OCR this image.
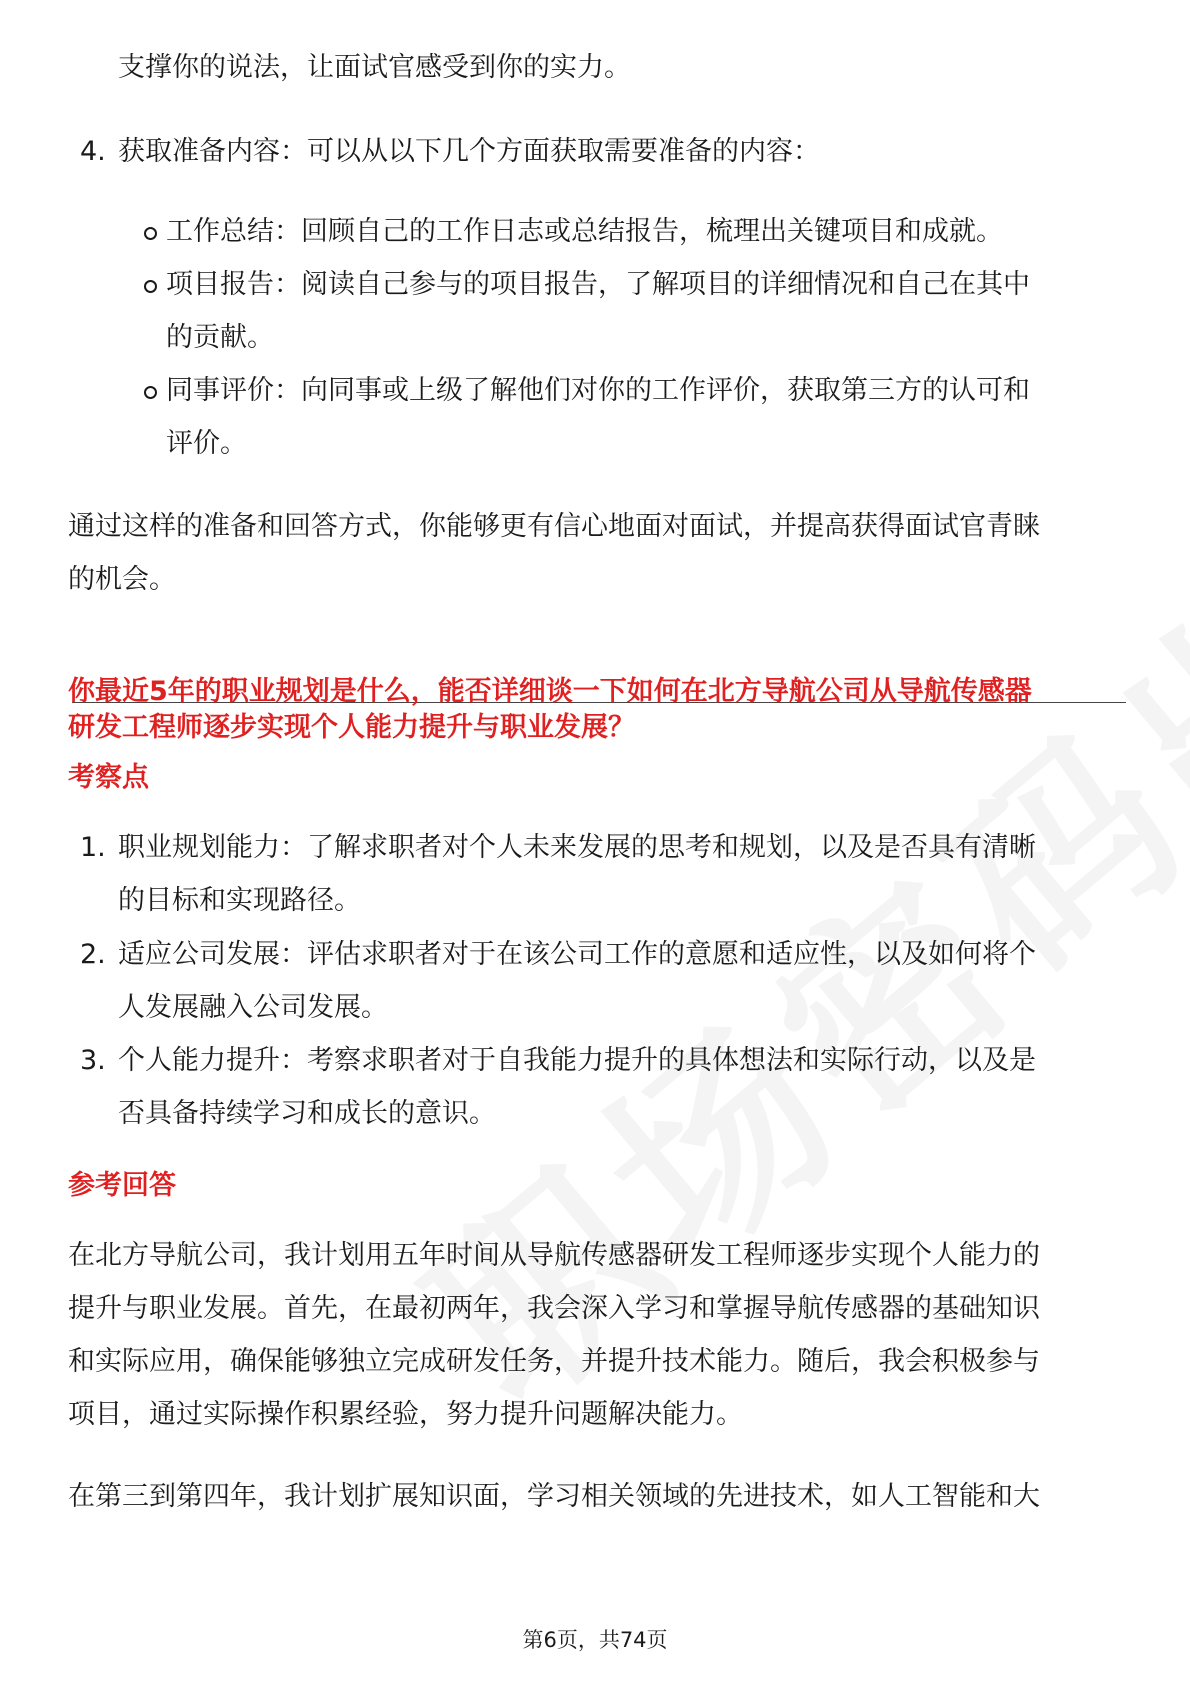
支撑你的说法，让面试官感受到你的实力。
4. 获取准备内容：可以从以下几个方面获取需要准备的内容：
工作总结：回顾自己的工作日志或总结报告，梳理出关键项目和成就。
项目报告：阅读自己参与的项目报告，了解项目的详细情况和自己在其中
的贡献。
同事评价：向同事或上级了解他们对你的工作评价，获取第三方的认可和
评价。
通过这样的准备和回答方式，你能够更有信心地面对面试，并提高获得面试官青睐
的机会。
你最近5年的职业规划是什么，能否详细谈一下如何在北方导航公司从导航传感器
研发工程师逐步实现个人能力提升与职业发展？
考察点
1. 职业规划能力：了解求职者对个人未来发展的思考和规划，以及是否具有清晰
的目标和实现路径。
2. 适应公司发展：评估求职者对于在该公司工作的意愿和适应性，以及如何将个
人发展融入公司发展。
3. 个人能力提升：考察求职者对于自我能力提升的具体想法和实际行动，以及是
否具备持续学习和成长的意识。
参考回答
在北方导航公司，我计划用五年时间从导航传感器研发工程师逐步实现个人能力的
提升与职业发展。首先，在最初两年，我会深入学习和掌握导航传感器的基础知识
和实际应用，确保能够独立完成研发任务，并提升技术能力。随后，我会积极参与
项目，通过实际操作积累经验，努力提升问题解决能力。
在第三到第四年，我计划扩展知识面，学习相关领域的先进技术，如人工智能和大
第6页，共74页
